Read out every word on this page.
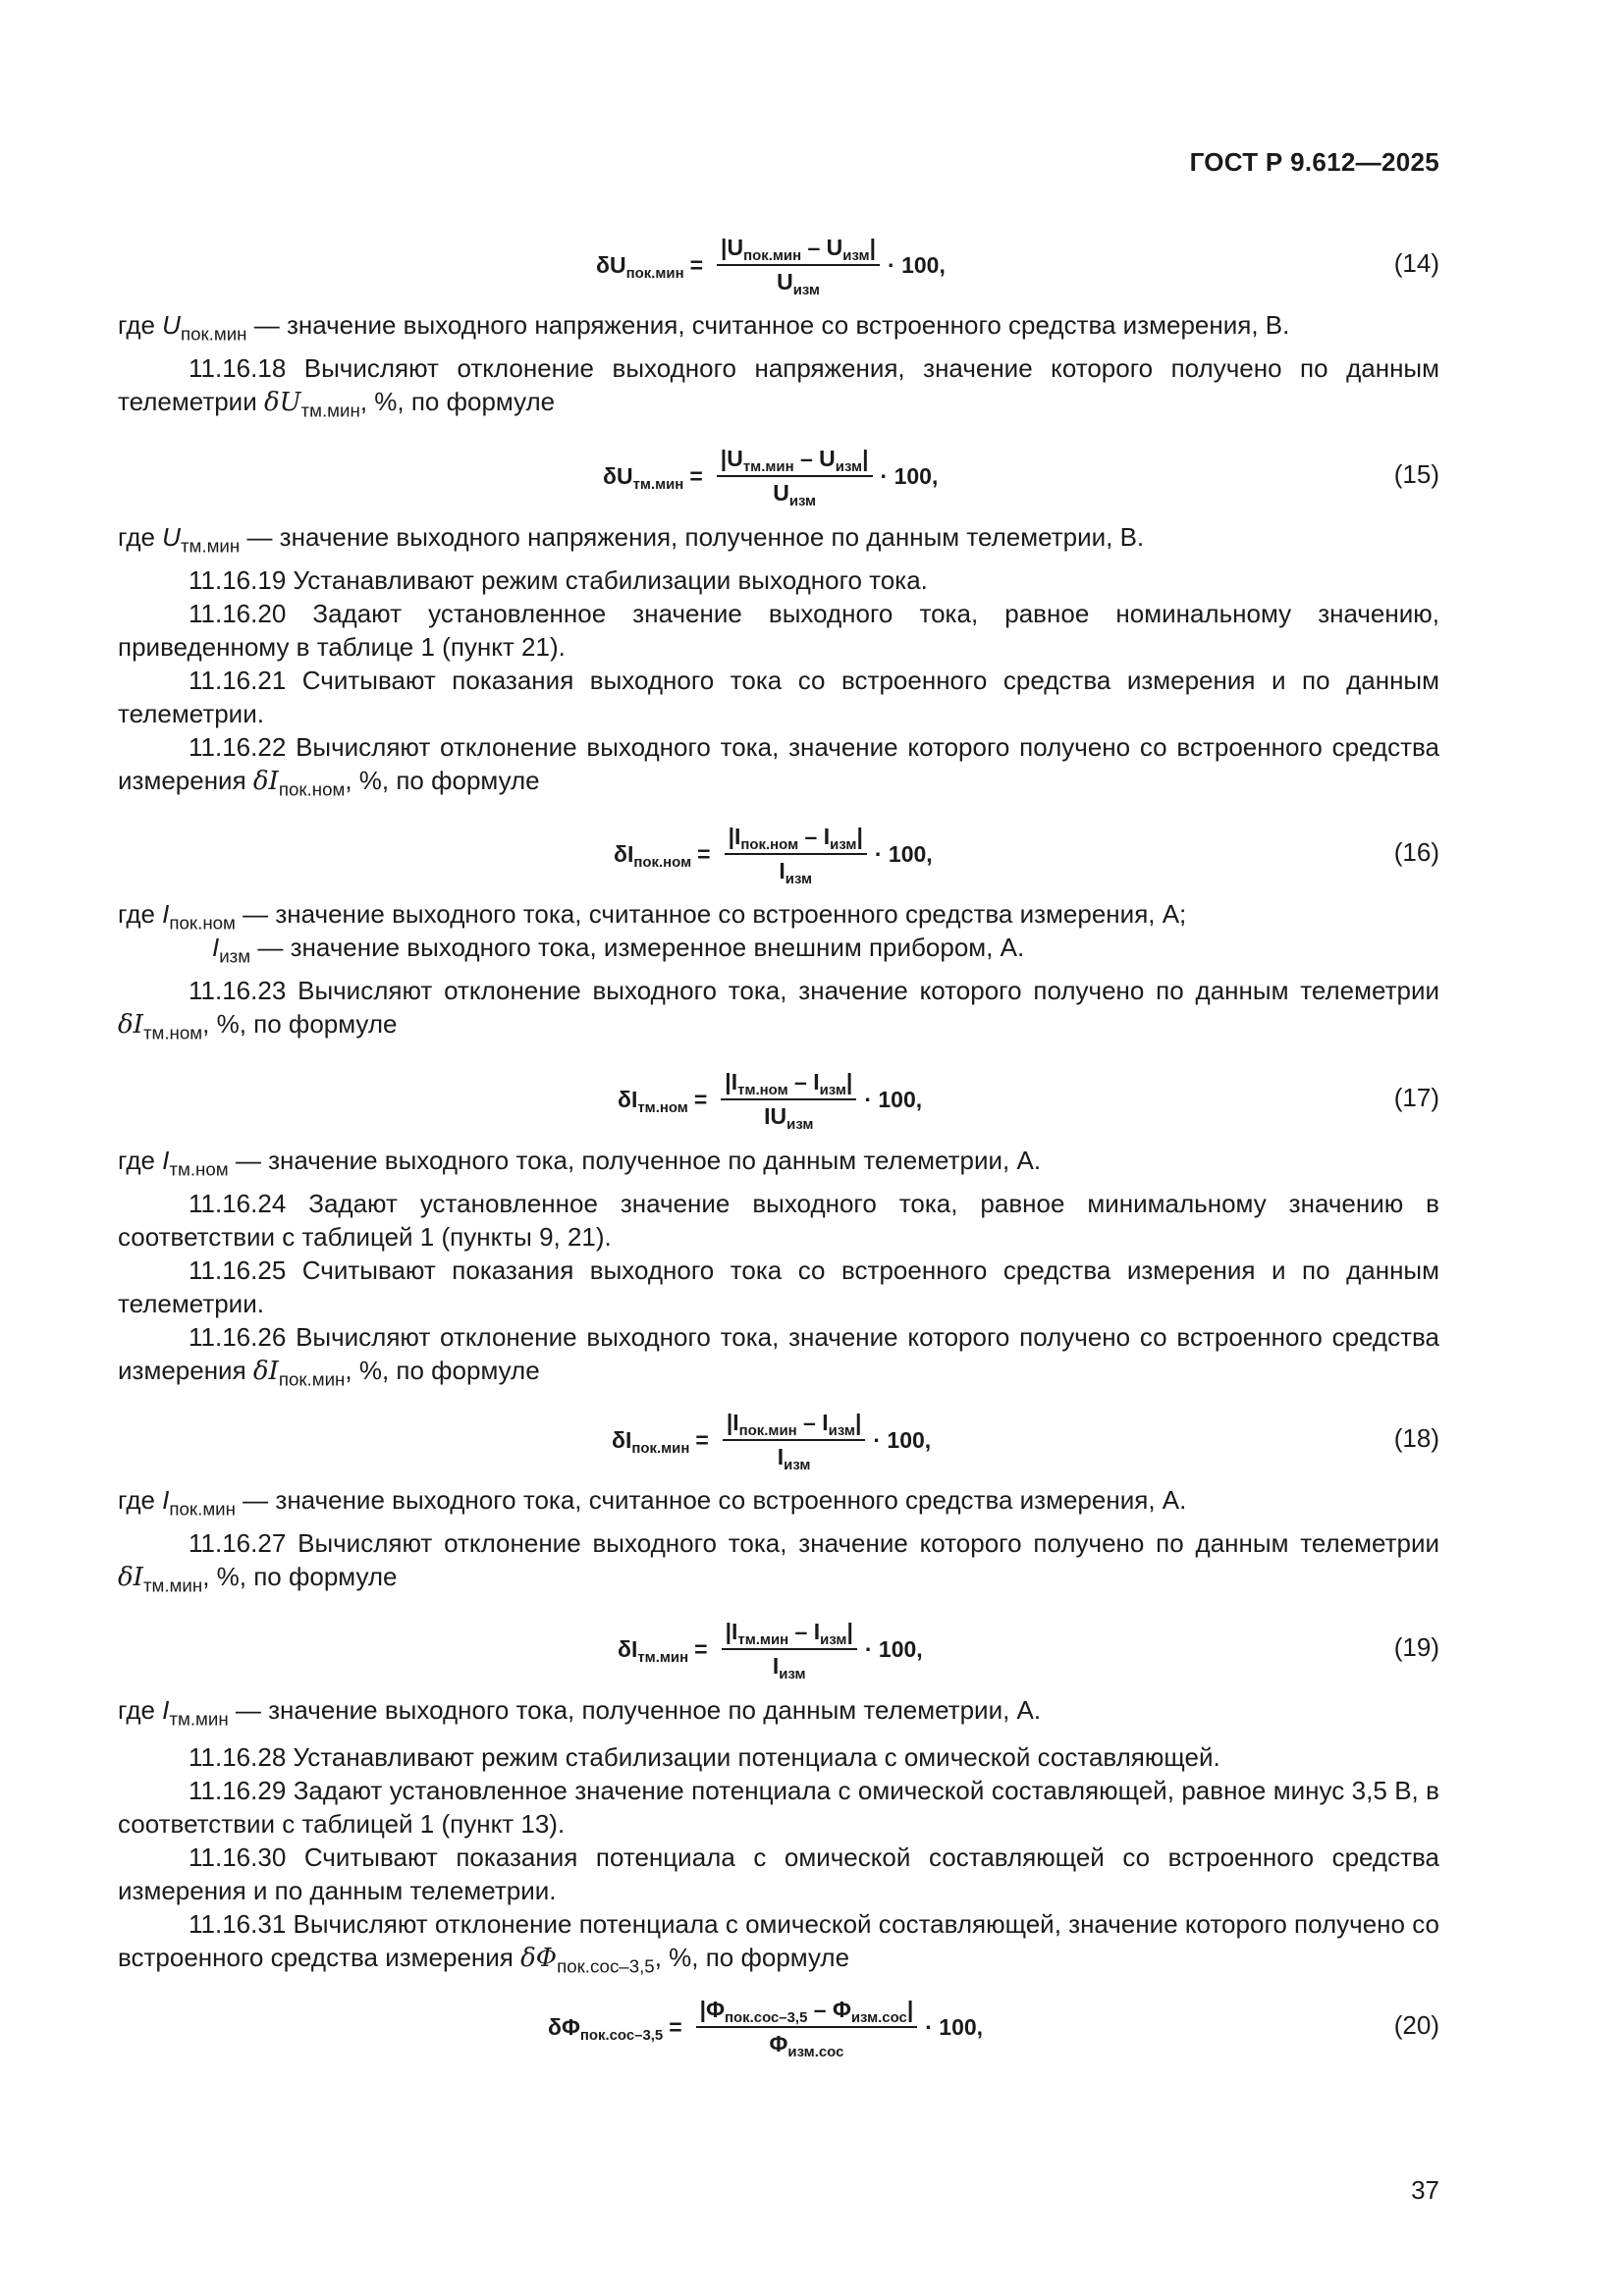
ГОСТ Р 9.612—2025
$\delta U_{пок.мин} = \frac{|U_{пок.мин} - U_{изм}|}{U_{изм}} \cdot 100$,	(14)

где $U_{пок.мин}$ — значение выходного напряжения, считанное со встроенного средства измерения, В.

11.16.18 Вычисляют отклонение выходного напряжения, значение которого получено по данным телеметрии $\delta U_{тм.мин}$, %, по формуле

$\delta U_{тм.мин} = \frac{|U_{тм.мин} - U_{изм}|}{U_{изм}} \cdot 100$,	(15)

где $U_{тм.мин}$ — значение выходного напряжения, полученное по данным телеметрии, В.

11.16.19 Устанавливают режим стабилизации выходного тока.

11.16.20 Задают установленное значение выходного тока, равное номинальному значению, приведенному в таблице 1 (пункт 21).

11.16.21 Считывают показания выходного тока со встроенного средства измерения и по данным телеметрии.

11.16.22 Вычисляют отклонение выходного тока, значение которого получено со встроенного средства измерения $\delta I_{пок.ном}$, %, по формуле

$\delta I_{пок.ном} = \frac{|I_{пок.ном} - I_{изм}|}{I_{изм}} \cdot 100$,	(16)

где $I_{пок.ном}$ — значение выходного тока, считанное со встроенного средства измерения, А;

$I_{изм}$ — значение выходного тока, измеренное внешним прибором, А.

11.16.23 Вычисляют отклонение выходного тока, значение которого получено по данным телеметрии $\delta I_{тм.ном}$, %, по формуле

$\delta I_{тм.ном} = \frac{|I_{тм.ном} - I_{изм}|}{IU_{изм}} \cdot 100$,	(17)

где $I_{тм.ном}$ — значение выходного тока, полученное по данным телеметрии, А.

11.16.24 Задают установленное значение выходного тока, равное минимальному значению в соответствии с таблицей 1 (пункты 9, 21).

11.16.25 Считывают показания выходного тока со встроенного средства измерения и по данным телеметрии.

11.16.26 Вычисляют отклонение выходного тока, значение которого получено со встроенного средства измерения $\delta I_{пок.мин}$, %, по формуле

$\delta I_{пок.мин} = \frac{|I_{пок.мин} - I_{изм}|}{I_{изм}} \cdot 100$,	(18)

где $I_{пок.мин}$ — значение выходного тока, считанное со встроенного средства измерения, А.

11.16.27 Вычисляют отклонение выходного тока, значение которого получено по данным телеметрии $\delta I_{тм.мин}$, %, по формуле

$\delta I_{тм.мин} = \frac{|I_{тм.мин} - I_{изм}|}{I_{изм}} \cdot 100$,	(19)

где $I_{тм.мин}$ — значение выходного тока, полученное по данным телеметрии, А.

11.16.28 Устанавливают режим стабилизации потенциала с омической составляющей.

11.16.29 Задают установленное значение потенциала с омической составляющей, равное минус 3,5 В, в соответствии с таблицей 1 (пункт 13).

11.16.30 Считывают показания потенциала с омической составляющей со встроенного средства измерения и по данным телеметрии.

11.16.31 Вычисляют отклонение потенциала с омической составляющей, значение которого получено со встроенного средства измерения $\delta\Phi_{пок.сос-3,5}$, %, по формуле

$\delta\Phi_{пок.сос-3,5} = \frac{|\Phi_{пок.сос-3,5} - \Phi_{изм.сос}|}{\Phi_{изм.сос}} \cdot 100$,	(20)
37
